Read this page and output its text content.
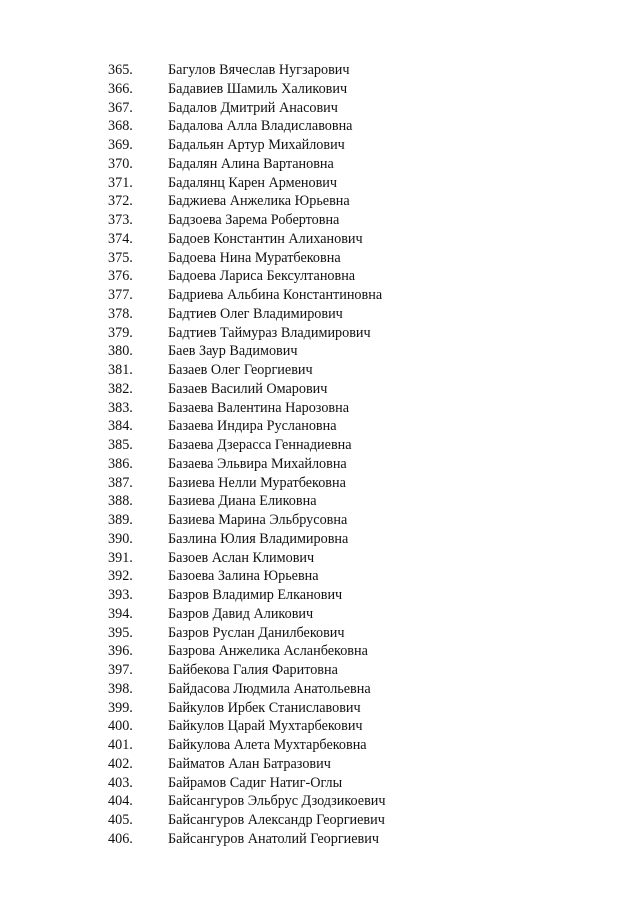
365.	Багулов Вячеслав Нугзарович
366.	Бадавиев Шамиль Халикович
367.	Бадалов Дмитрий Анасович
368.	Бадалова Алла Владиславовна
369.	Бадальян Артур Михайлович
370.	Бадалян Алина Вартановна
371.	Бадалянц Карен Арменович
372.	Баджиева Анжелика Юрьевна
373.	Бадзоева Зарема Робертовна
374.	Бадоев Константин Алиханович
375.	Бадоева Нина Муратбековна
376.	Бадоева Лариса Бексултановна
377.	Бадриева Альбина Константиновна
378.	Бадтиев Олег Владимирович
379.	Бадтиев Таймураз Владимирович
380.	Баев Заур Вадимович
381.	Базаев Олег Георгиевич
382.	Базаев Василий Омарович
383.	Базаева Валентина Нарозовна
384.	Базаева Индира Руслановна
385.	Базаева Дзерасса Геннадиевна
386.	Базаева Эльвира Михайловна
387.	Базиева Нелли Муратбековна
388.	Базиева Диана Еликовна
389.	Базиева Марина Эльбрусовна
390.	Базлина Юлия Владимировна
391.	Базоев Аслан Климович
392.	Базоева Залина Юрьевна
393.	Базров Владимир Елканович
394.	Базров Давид Аликович
395.	Базров Руслан Данилбекович
396.	Базрова Анжелика Асланбековна
397.	Байбекова Галия Фаритовна
398.	Байдасова Людмила Анатольевна
399.	Байкулов Ирбек Станиславович
400.	Байкулов Царай Мухтарбекович
401.	Байкулова Алета Мухтарбековна
402.	Байматов Алан Батразович
403.	Байрамов Садиг Натиг-Оглы
404.	Байсангуров Эльбрус Дзодзикоевич
405.	Байсангуров Александр Георгиевич
406.	Байсангуров Анатолий Георгиевич
